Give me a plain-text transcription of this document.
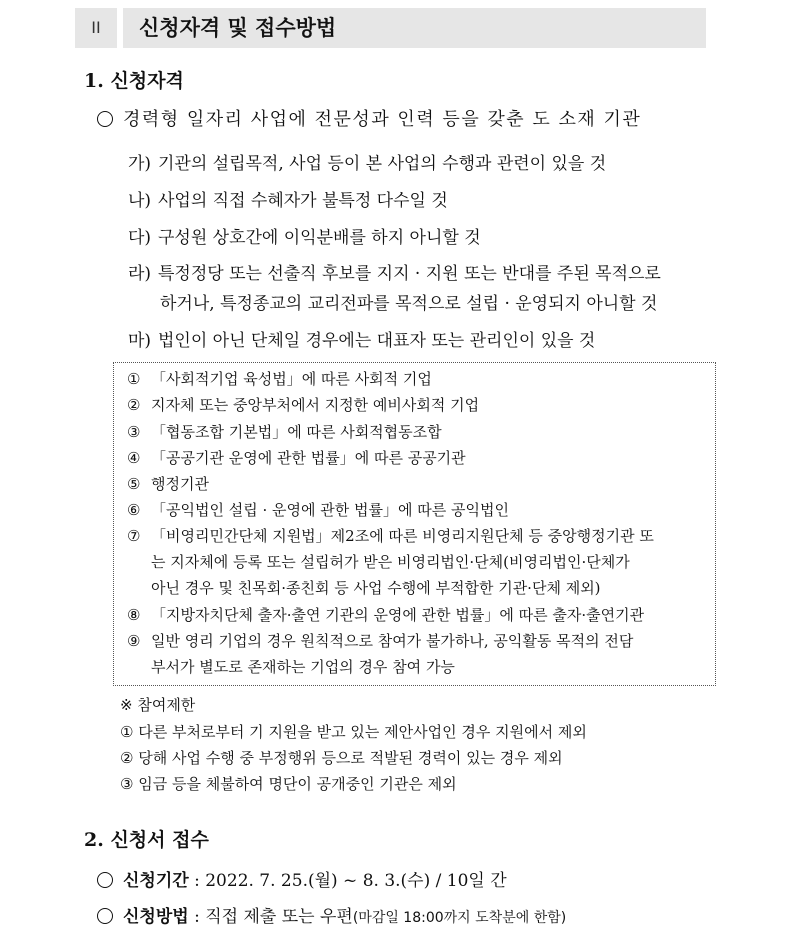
II	신청자격 및 접수방법
1. 신청자격
경력형 일자리 사업에 전문성과 인력 등을 갖춘 도 소재 기관
가) 기관의 설립목적, 사업 등이 본 사업의 수행과 관련이 있을 것
나) 사업의 직접 수혜자가 불특정 다수일 것
다) 구성원 상호간에 이익분배를 하지 아니할 것
라) 특정정당 또는 선출직 후보를 지지 · 지원 또는 반대를 주된 목적으로
하거나, 특정종교의 교리전파를 목적으로 설립 · 운영되지 아니할 것
마) 법인이 아닌 단체일 경우에는 대표자 또는 관리인이 있을 것
① 「사회적기업 육성법」에 따른 사회적 기업
② 지자체 또는 중앙부처에서 지정한 예비사회적 기업
③ 「협동조합 기본법」에 따른 사회적협동조합
④ 「공공기관 운영에 관한 법률」에 따른 공공기관
⑤ 행정기관
⑥ 「공익법인 설립 · 운영에 관한 법률」에 따른 공익법인
⑦ 「비영리민간단체 지원법」제2조에 따른 비영리지원단체 등 중앙행정기관 또
는 지자체에 등록 또는 설립허가 받은 비영리법인·단체(비영리법인·단체가
아닌 경우 및 친목회·종친회 등 사업 수행에 부적합한 기관·단체 제외)
⑧ 「지방자치단체 출자·출연 기관의 운영에 관한 법률」에 따른 출자·출연기관
⑨ 일반 영리 기업의 경우 원칙적으로 참여가 불가하나, 공익활동 목적의 전담
부서가 별도로 존재하는 기업의 경우 참여 가능
※ 참여제한
① 다른 부처로부터 기 지원을 받고 있는 제안사업인 경우 지원에서 제외
② 당해 사업 수행 중 부정행위 등으로 적발된 경력이 있는 경우 제외
③ 임금 등을 체불하여 명단이 공개중인 기관은 제외
2. 신청서 접수
신청기간 : 2022. 7. 25.(월) ~ 8. 3.(수) / 10일 간
신청방법 : 직접 제출 또는 우편(마감일 18:00까지 도착분에 한함)
